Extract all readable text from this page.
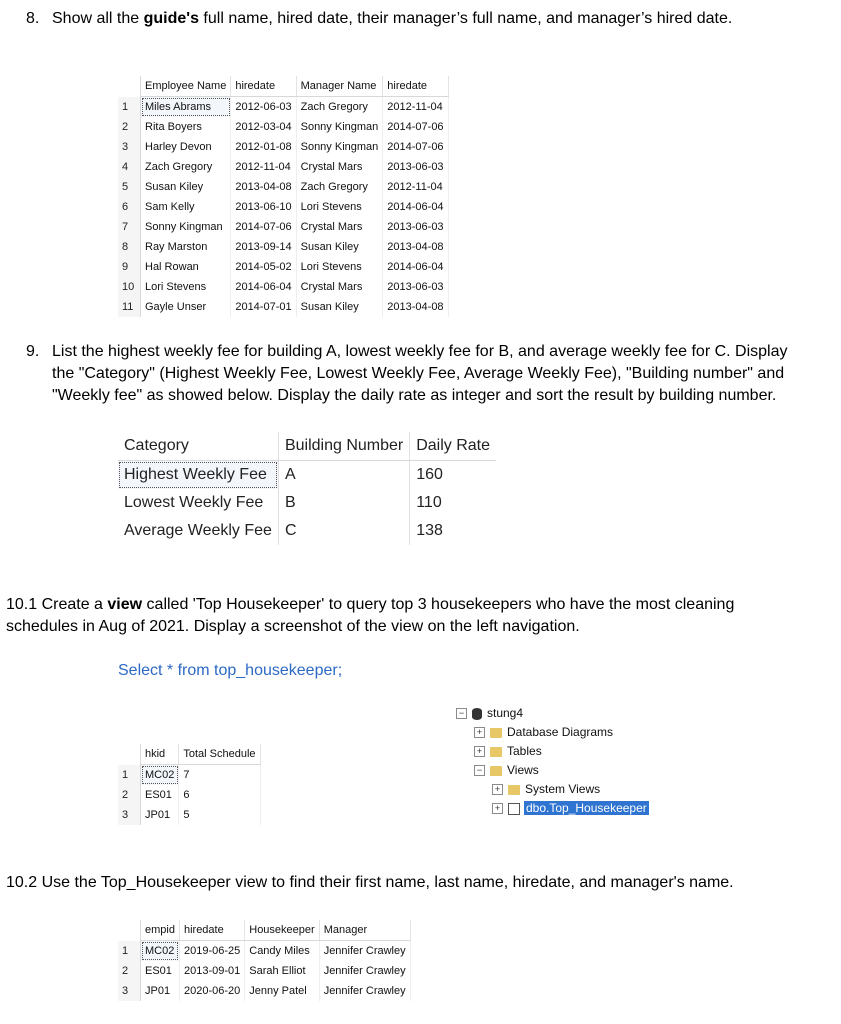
8. Show all the guide's full name, hired date, their manager’s full name, and manager’s hired date.
	Employee Name	hiredate	Manager Name	hiredate
1	Miles Abrams	2012-06-03	Zach Gregory	2012-11-04
2	Rita Boyers	2012-03-04	Sonny Kingman	2014-07-06
3	Harley Devon	2012-01-08	Sonny Kingman	2014-07-06
4	Zach Gregory	2012-11-04	Crystal Mars	2013-06-03
5	Susan Kiley	2013-04-08	Zach Gregory	2012-11-04
6	Sam Kelly	2013-06-10	Lori Stevens	2014-06-04
7	Sonny Kingman	2014-07-06	Crystal Mars	2013-06-03
8	Ray Marston	2013-09-14	Susan Kiley	2013-04-08
9	Hal Rowan	2014-05-02	Lori Stevens	2014-06-04
10	Lori Stevens	2014-06-04	Crystal Mars	2013-06-03
11	Gayle Unser	2014-07-01	Susan Kiley	2013-04-08
9. List the highest weekly fee for building A, lowest weekly fee for B, and average weekly fee for C. Display
the "Category" (Highest Weekly Fee, Lowest Weekly Fee, Average Weekly Fee), "Building number" and
"Weekly fee" as showed below. Display the daily rate as integer and sort the result by building number.
Category	Building Number	Daily Rate
Highest Weekly Fee	A	160
Lowest Weekly Fee	B	110
Average Weekly Fee	C	138
10.1 Create a view called 'Top Housekeeper' to query top 3 housekeepers who have the most cleaning
schedules in Aug of 2021. Display a screenshot of the view on the left navigation.
Select * from top_housekeeper;
	hkid	Total Schedule
1	MC02	7
2	ES01	6
3	JP01	5
− stung4
+ Database Diagrams
+ Tables
− Views
+ System Views
+ dbo.Top_Housekeeper
10.2 Use the Top_Housekeeper view to find their first name, last name, hiredate, and manager's name.
	empid	hiredate	Housekeeper	Manager
1	MC02	2019-06-25	Candy Miles	Jennifer Crawley
2	ES01	2013-09-01	Sarah Elliot	Jennifer Crawley
3	JP01	2020-06-20	Jenny Patel	Jennifer Crawley
